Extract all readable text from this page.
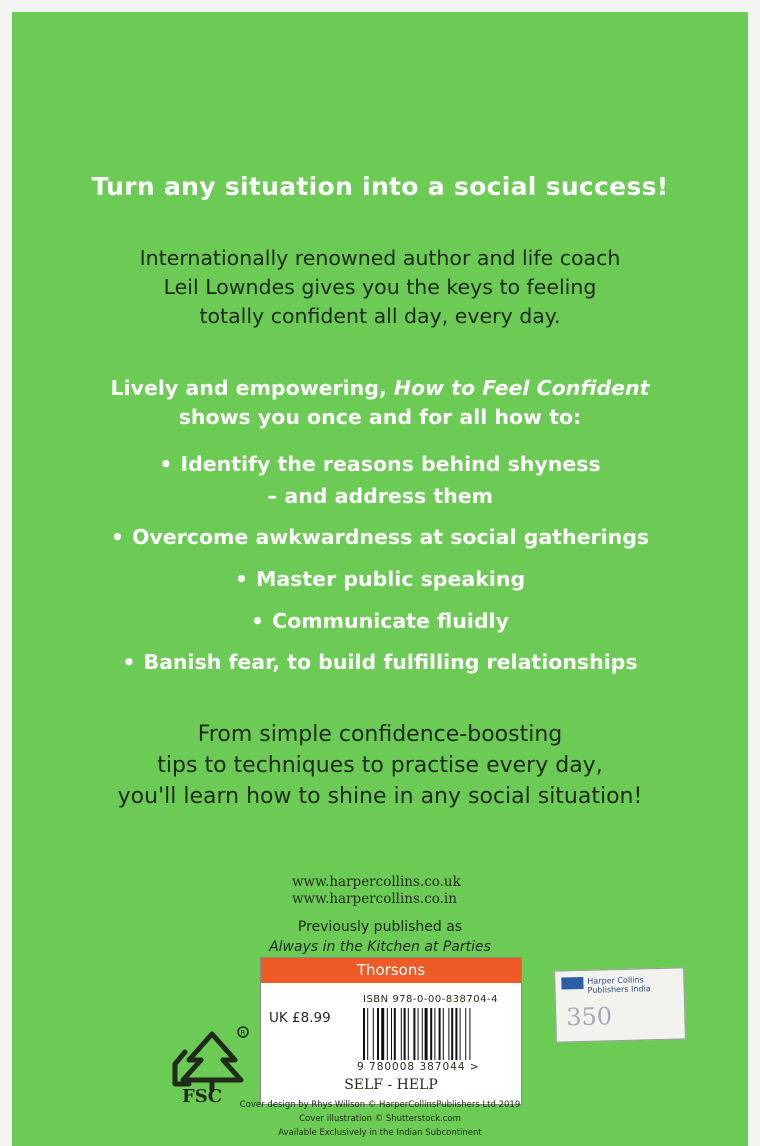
Turn any situation into a social success!
Internationally renowned author and life coach
Leil Lowndes gives you the keys to feeling
totally confident all day, every day.
Lively and empowering, How to Feel Confident
shows you once and for all how to:
• Identify the reasons behind shyness
– and address them
• Overcome awkwardness at social gatherings
• Master public speaking
• Communicate fluidly
• Banish fear, to build fulfilling relationships
From simple confidence-boosting
tips to techniques to practise every day,
you'll learn how to shine in any social situation!
www.harpercollins.co.uk
www.harpercollins.co.in
Previously published as
Always in the Kitchen at Parties
R
FSC
Thorsons
UK £8.99
ISBN 978-0-00-838704-4
9 780008 387044 >
SELF - HELP
Harper Collins Publishers India
350
Cover design by Rhys Willson © HarperCollinsPublishers Ltd 2019
Cover illustration © Shutterstock.com
Available Exclusively in the Indian Subcontinent
